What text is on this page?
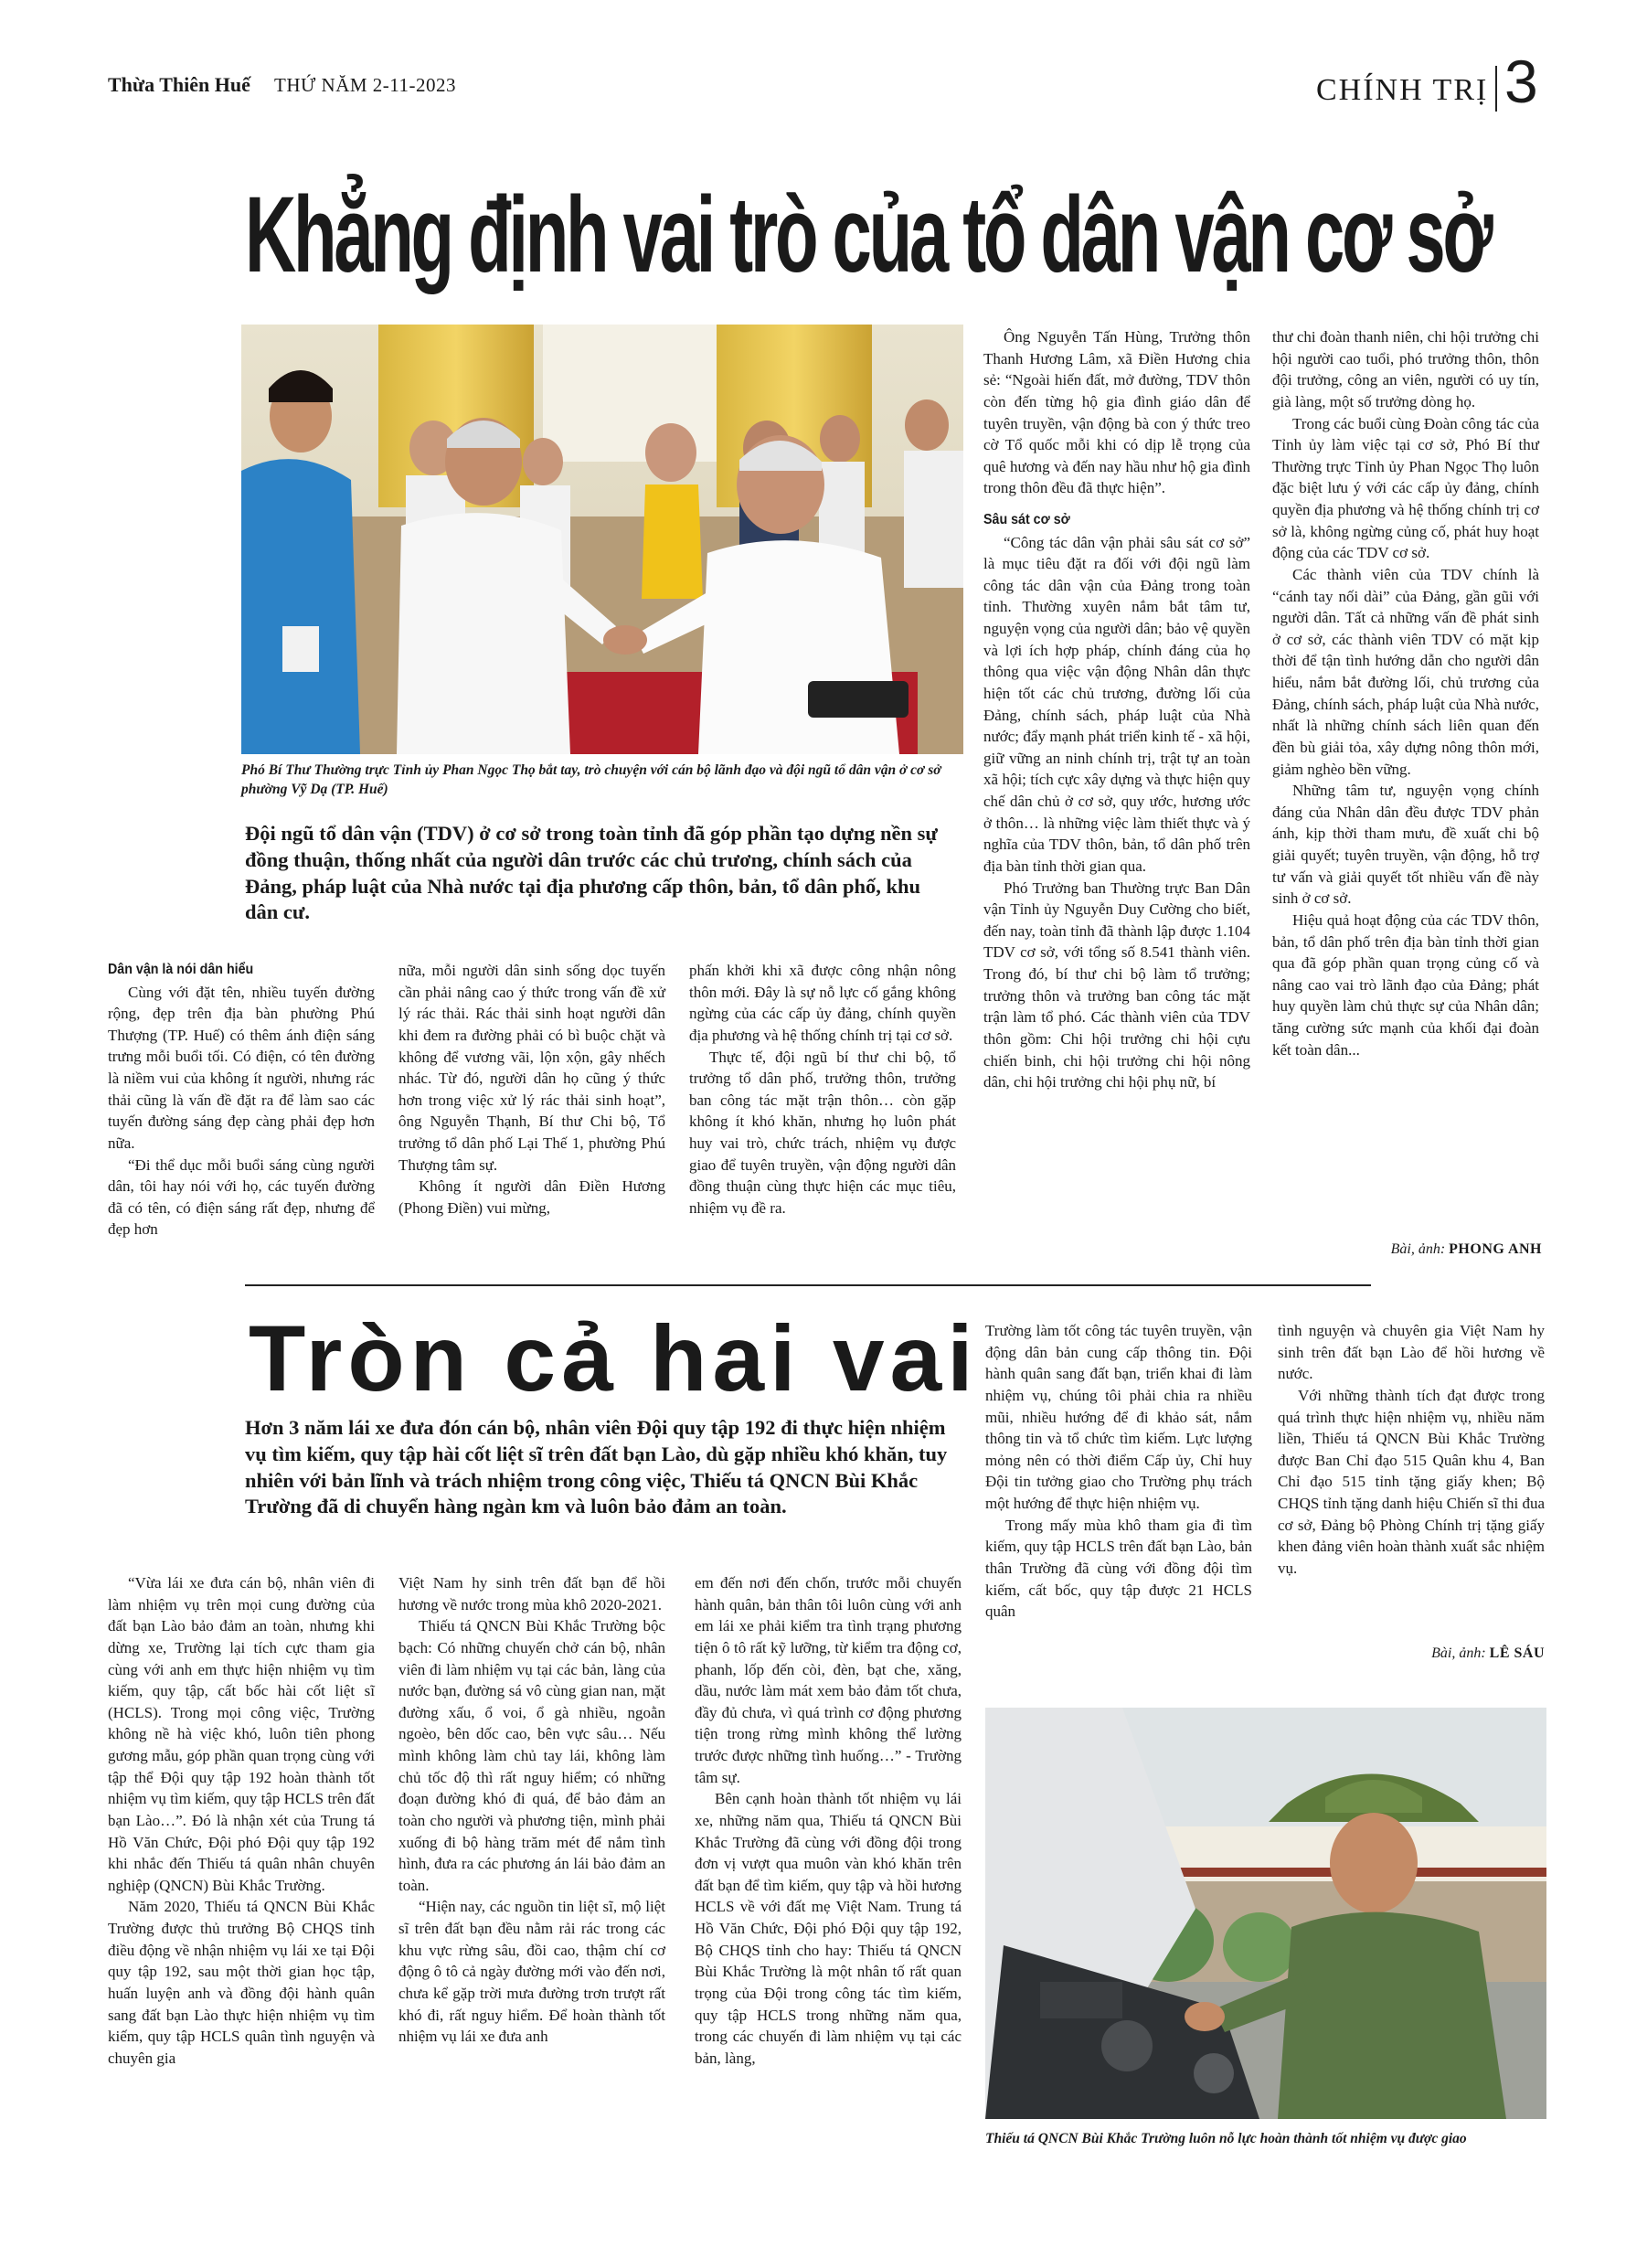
Thừa Thiên Huế THỨ NĂM 2-11-2023	CHÍNH TRỊ 3
Khẳng định vai trò của tổ dân vận cơ sở
Phó Bí Thư Thường trực Tỉnh ủy Phan Ngọc Thọ bắt tay, trò chuyện với cán bộ lãnh đạo và đội ngũ tổ dân vận ở cơ sở phường Vỹ Dạ (TP. Huế)
Đội ngũ tổ dân vận (TDV) ở cơ sở trong toàn tỉnh đã góp phần tạo dựng nền sự đồng thuận, thống nhất của người dân trước các chủ trương, chính sách của Đảng, pháp luật của Nhà nước tại địa phương cấp thôn, bản, tổ dân phố, khu dân cư.
Dân vận là nói dân hiểu

Cùng với đặt tên, nhiều tuyến đường rộng, đẹp trên địa bàn phường Phú Thượng (TP. Huế) có thêm ánh điện sáng trưng mỗi buổi tối. Có điện, có tên đường là niềm vui của không ít người, nhưng rác thải cũng là vấn đề đặt ra để làm sao các tuyến đường sáng đẹp càng phải đẹp hơn nữa.

“Đi thể dục mỗi buổi sáng cùng người dân, tôi hay nói với họ, các tuyến đường đã có tên, có điện sáng rất đẹp, nhưng để đẹp hơn

nữa, mỗi người dân sinh sống dọc tuyến cần phải nâng cao ý thức trong vấn đề xử lý rác thải. Rác thải sinh hoạt người dân khi đem ra đường phải có bì buộc chặt và không để vương vãi, lộn xộn, gây nhếch nhác. Từ đó, người dân họ cũng ý thức hơn trong việc xử lý rác thải sinh hoạt”, ông Nguyễn Thạnh, Bí thư Chi bộ, Tổ trưởng tổ dân phố Lại Thế 1, phường Phú Thượng tâm sự.

Không ít người dân Điền Hương (Phong Điền) vui mừng,

phấn khởi khi xã được công nhận nông thôn mới. Đây là sự nỗ lực cố gắng không ngừng của các cấp ủy đảng, chính quyền địa phương và hệ thống chính trị tại cơ sở.

Thực tế, đội ngũ bí thư chi bộ, tổ trưởng tổ dân phố, trưởng thôn, trưởng ban công tác mặt trận thôn… còn gặp không ít khó khăn, nhưng họ luôn phát huy vai trò, chức trách, nhiệm vụ được giao để tuyên truyền, vận động người dân đồng thuận cùng thực hiện các mục tiêu, nhiệm vụ đề ra.

Ông Nguyễn Tấn Hùng, Trưởng thôn Thanh Hương Lâm, xã Điền Hương chia sẻ: “Ngoài hiến đất, mở đường, TDV thôn còn đến từng hộ gia đình giáo dân để tuyên truyền, vận động bà con ý thức treo cờ Tổ quốc mỗi khi có dịp lễ trọng của quê hương và đến nay hầu như hộ gia đình trong thôn đều đã thực hiện”.

Sâu sát cơ sở

“Công tác dân vận phải sâu sát cơ sở” là mục tiêu đặt ra đối với đội ngũ làm công tác dân vận của Đảng trong toàn tỉnh. Thường xuyên nắm bắt tâm tư, nguyện vọng của người dân; bảo vệ quyền và lợi ích hợp pháp, chính đáng của họ thông qua việc vận động Nhân dân thực hiện tốt các chủ trương, đường lối của Đảng, chính sách, pháp luật của Nhà nước; đẩy mạnh phát triển kinh tế - xã hội, giữ vững an ninh chính trị, trật tự an toàn xã hội; tích cực xây dựng và thực hiện quy chế dân chủ ở cơ sở, quy ước, hương ước ở thôn… là những việc làm thiết thực và ý nghĩa của TDV thôn, bản, tổ dân phố trên địa bàn tỉnh thời gian qua.

Phó Trưởng ban Thường trực Ban Dân vận Tỉnh ủy Nguyễn Duy Cường cho biết, đến nay, toàn tỉnh đã thành lập được 1.104 TDV cơ sở, với tổng số 8.541 thành viên. Trong đó, bí thư chi bộ làm tổ trưởng; trưởng thôn và trưởng ban công tác mặt trận làm tổ phó. Các thành viên của TDV thôn gồm: Chi hội trưởng chi hội cựu chiến binh, chi hội trưởng chi hội nông dân, chi hội trưởng chi hội phụ nữ, bí

thư chi đoàn thanh niên, chi hội trưởng chi hội người cao tuổi, phó trưởng thôn, thôn đội trưởng, công an viên, người có uy tín, già làng, một số trưởng dòng họ.

Trong các buổi cùng Đoàn công tác của Tỉnh ủy làm việc tại cơ sở, Phó Bí thư Thường trực Tỉnh ủy Phan Ngọc Thọ luôn đặc biệt lưu ý với các cấp ủy đảng, chính quyền địa phương và hệ thống chính trị cơ sở là, không ngừng củng cố, phát huy hoạt động của các TDV cơ sở.

Các thành viên của TDV chính là “cánh tay nối dài” của Đảng, gần gũi với người dân. Tất cả những vấn đề phát sinh ở cơ sở, các thành viên TDV có mặt kịp thời để tận tình hướng dẫn cho người dân hiểu, nắm bắt đường lối, chủ trương của Đảng, chính sách, pháp luật của Nhà nước, nhất là những chính sách liên quan đến đền bù giải tỏa, xây dựng nông thôn mới, giảm nghèo bền vững.

Những tâm tư, nguyện vọng chính đáng của Nhân dân đều được TDV phản ánh, kịp thời tham mưu, đề xuất chi bộ giải quyết; tuyên truyền, vận động, hỗ trợ tư vấn và giải quyết tốt nhiều vấn đề này sinh ở cơ sở.

Hiệu quả hoạt động của các TDV thôn, bản, tổ dân phố trên địa bàn tỉnh thời gian qua đã góp phần quan trọng củng cố và nâng cao vai trò lãnh đạo của Đảng; phát huy quyền làm chủ thực sự của Nhân dân; tăng cường sức mạnh của khối đại đoàn kết toàn dân...

Bài, ảnh: PHONG ANH
Tròn cả hai vai
Hơn 3 năm lái xe đưa đón cán bộ, nhân viên Đội quy tập 192 đi thực hiện nhiệm vụ tìm kiếm, quy tập hài cốt liệt sĩ trên đất bạn Lào, dù gặp nhiều khó khăn, tuy nhiên với bản lĩnh và trách nhiệm trong công việc, Thiếu tá QNCN Bùi Khắc Trường đã di chuyển hàng ngàn km và luôn bảo đảm an toàn.

“Vừa lái xe đưa cán bộ, nhân viên đi làm nhiệm vụ trên mọi cung đường của đất bạn Lào bảo đảm an toàn, nhưng khi dừng xe, Trường lại tích cực tham gia cùng với anh em thực hiện nhiệm vụ tìm kiếm, quy tập, cất bốc hài cốt liệt sĩ (HCLS). Trong mọi công việc, Trường không nề hà việc khó, luôn tiên phong gương mẫu, góp phần quan trọng cùng với tập thể Đội quy tập 192 hoàn thành tốt nhiệm vụ tìm kiếm, quy tập HCLS trên đất bạn Lào…”. Đó là nhận xét của Trung tá Hồ Văn Chức, Đội phó Đội quy tập 192 khi nhắc đến Thiếu tá quân nhân chuyên nghiệp (QNCN) Bùi Khắc Trường.

Năm 2020, Thiếu tá QNCN Bùi Khắc Trường được thủ trưởng Bộ CHQS tỉnh điều động về nhận nhiệm vụ lái xe tại Đội quy tập 192, sau một thời gian học tập, huấn luyện anh và đồng đội hành quân sang đất bạn Lào thực hiện nhiệm vụ tìm kiếm, quy tập HCLS quân tình nguyện và chuyên gia

Việt Nam hy sinh trên đất bạn để hồi hương về nước trong mùa khô 2020-2021.

Thiếu tá QNCN Bùi Khắc Trường bộc bạch: Có những chuyến chở cán bộ, nhân viên đi làm nhiệm vụ tại các bản, làng của nước bạn, đường sá vô cùng gian nan, mặt đường xấu, ổ voi, ổ gà nhiều, ngoằn ngoèo, bên dốc cao, bên vực sâu… Nếu mình không làm chủ tay lái, không làm chủ tốc độ thì rất nguy hiểm; có những đoạn đường khó đi quá, để bảo đảm an toàn cho người và phương tiện, mình phải xuống đi bộ hàng trăm mét để nắm tình hình, đưa ra các phương án lái bảo đảm an toàn.

“Hiện nay, các nguồn tin liệt sĩ, mộ liệt sĩ trên đất bạn đều nằm rải rác trong các khu vực rừng sâu, đồi cao, thậm chí cơ động ô tô cả ngày đường mới vào đến nơi, chưa kể gặp trời mưa đường trơn trượt rất khó đi, rất nguy hiểm. Để hoàn thành tốt nhiệm vụ lái xe đưa anh

em đến nơi đến chốn, trước mỗi chuyến hành quân, bản thân tôi luôn cùng với anh em lái xe phải kiểm tra tình trạng phương tiện ô tô rất kỹ lưỡng, từ kiểm tra động cơ, phanh, lốp đến còi, đèn, bạt che, xăng, dầu, nước làm mát xem bảo đảm tốt chưa, đầy đủ chưa, vì quá trình cơ động phương tiện trong rừng mình không thể lường trước được những tình huống…” - Trường tâm sự.

Bên cạnh hoàn thành tốt nhiệm vụ lái xe, những năm qua, Thiếu tá QNCN Bùi Khắc Trường đã cùng với đồng đội trong đơn vị vượt qua muôn vàn khó khăn trên đất bạn để tìm kiếm, quy tập và hồi hương HCLS về với đất mẹ Việt Nam. Trung tá Hồ Văn Chức, Đội phó Đội quy tập 192, Bộ CHQS tỉnh cho hay: Thiếu tá QNCN Bùi Khắc Trường là một nhân tố rất quan trọng của Đội trong công tác tìm kiếm, quy tập HCLS trong những năm qua, trong các chuyến đi làm nhiệm vụ tại các bản, làng,

Trường làm tốt công tác tuyên truyền, vận động dân bản cung cấp thông tin. Đội hành quân sang đất bạn, triển khai đi làm nhiệm vụ, chúng tôi phải chia ra nhiều mũi, nhiều hướng để đi khảo sát, nắm thông tin và tổ chức tìm kiếm. Lực lượng mỏng nên có thời điểm Cấp ủy, Chỉ huy Đội tin tưởng giao cho Trường phụ trách một hướng để thực hiện nhiệm vụ.

Trong mấy mùa khô tham gia đi tìm kiếm, quy tập HCLS trên đất bạn Lào, bản thân Trường đã cùng với đồng đội tìm kiếm, cất bốc, quy tập được 21 HCLS quân

tình nguyện và chuyên gia Việt Nam hy sinh trên đất bạn Lào để hồi hương về nước.

Với những thành tích đạt được trong quá trình thực hiện nhiệm vụ, nhiều năm liền, Thiếu tá QNCN Bùi Khắc Trường được Ban Chỉ đạo 515 Quân khu 4, Ban Chỉ đạo 515 tỉnh tặng giấy khen; Bộ CHQS tỉnh tặng danh hiệu Chiến sĩ thi đua cơ sở, Đảng bộ Phòng Chính trị tặng giấy khen đảng viên hoàn thành xuất sắc nhiệm vụ.

Bài, ảnh: LÊ SÁU
Thiếu tá QNCN Bùi Khắc Trường luôn nỗ lực hoàn thành tốt nhiệm vụ được giao
